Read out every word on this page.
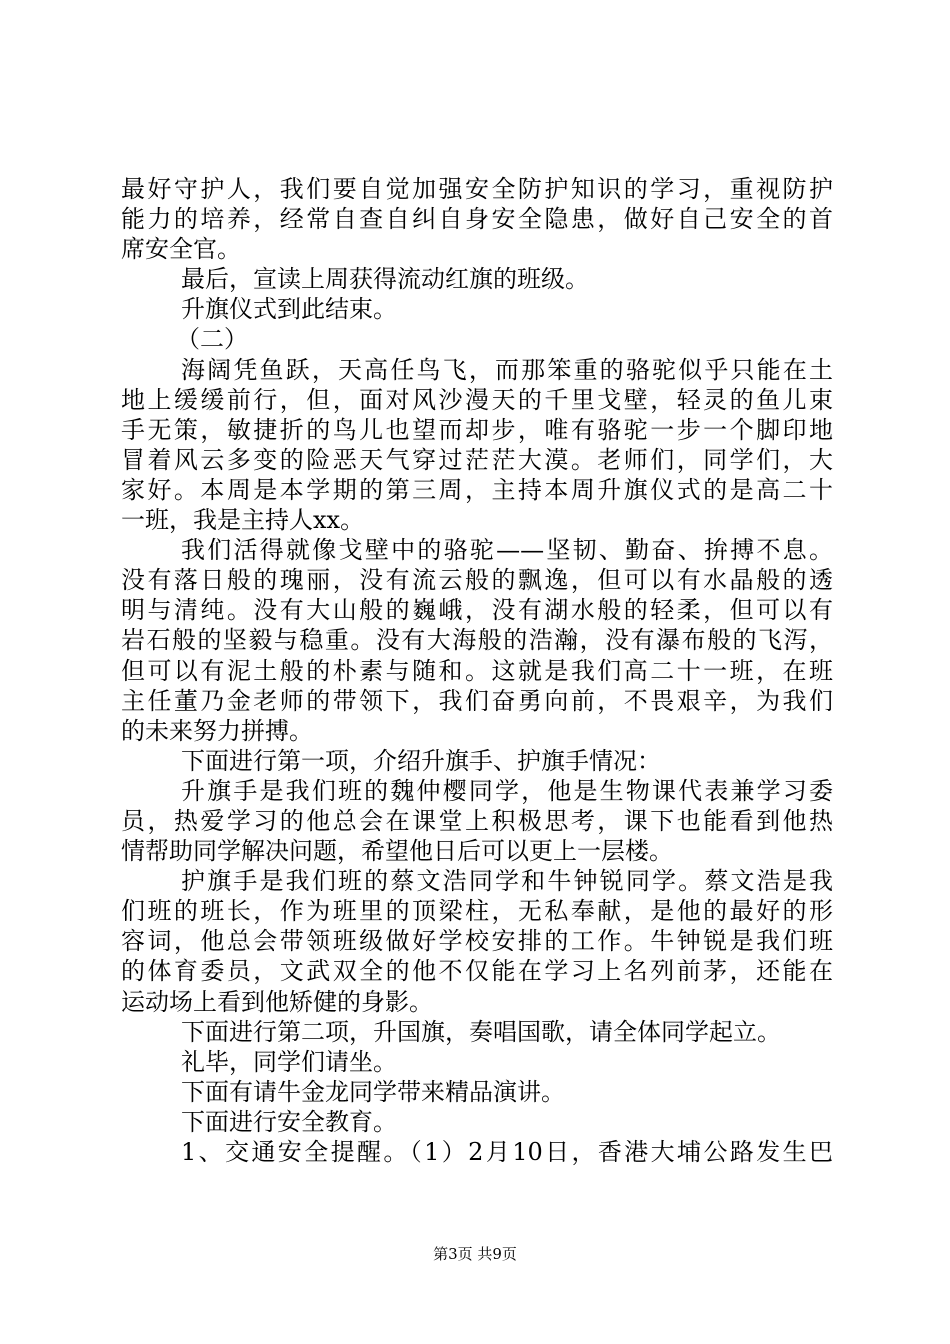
最好守护人，我们要自觉加强安全防护知识的学习，重视防护
能力的培养，经常自查自纠自身安全隐患，做好自己安全的首
席安全官。
最后，宣读上周获得流动红旗的班级。
升旗仪式到此结束。
（二）
海阔凭鱼跃，天高任鸟飞，而那笨重的骆驼似乎只能在土
地上缓缓前行，但，面对风沙漫天的千里戈壁，轻灵的鱼儿束
手无策，敏捷折的鸟儿也望而却步，唯有骆驼一步一个脚印地
冒着风云多变的险恶天气穿过茫茫大漠。老师们，同学们，大
家好。本周是本学期的第三周，主持本周升旗仪式的是高二十
一班，我是主持人xx。
我们活得就像戈壁中的骆驼——坚韧、勤奋、拚搏不息。
没有落日般的瑰丽，没有流云般的飘逸，但可以有水晶般的透
明与清纯。没有大山般的巍峨，没有湖水般的轻柔，但可以有
岩石般的坚毅与稳重。没有大海般的浩瀚，没有瀑布般的飞泻，
但可以有泥土般的朴素与随和。这就是我们高二十一班，在班
主任董乃金老师的带领下，我们奋勇向前，不畏艰辛，为我们
的未来努力拼搏。
下面进行第一项，介绍升旗手、护旗手情况：
升旗手是我们班的魏仲樱同学，他是生物课代表兼学习委
员，热爱学习的他总会在课堂上积极思考，课下也能看到他热
情帮助同学解决问题，希望他日后可以更上一层楼。
护旗手是我们班的蔡文浩同学和牛钟锐同学。蔡文浩是我
们班的班长，作为班里的顶梁柱，无私奉献，是他的最好的形
容词，他总会带领班级做好学校安排的工作。牛钟锐是我们班
的体育委员，文武双全的他不仅能在学习上名列前茅，还能在
运动场上看到他矫健的身影。
下面进行第二项，升国旗，奏唱国歌，请全体同学起立。
礼毕，同学们请坐。
下面有请牛金龙同学带来精品演讲。
下面进行安全教育。
1、交通安全提醒。（1）2月10日，香港大埔公路发生巴
第3页 共9页
